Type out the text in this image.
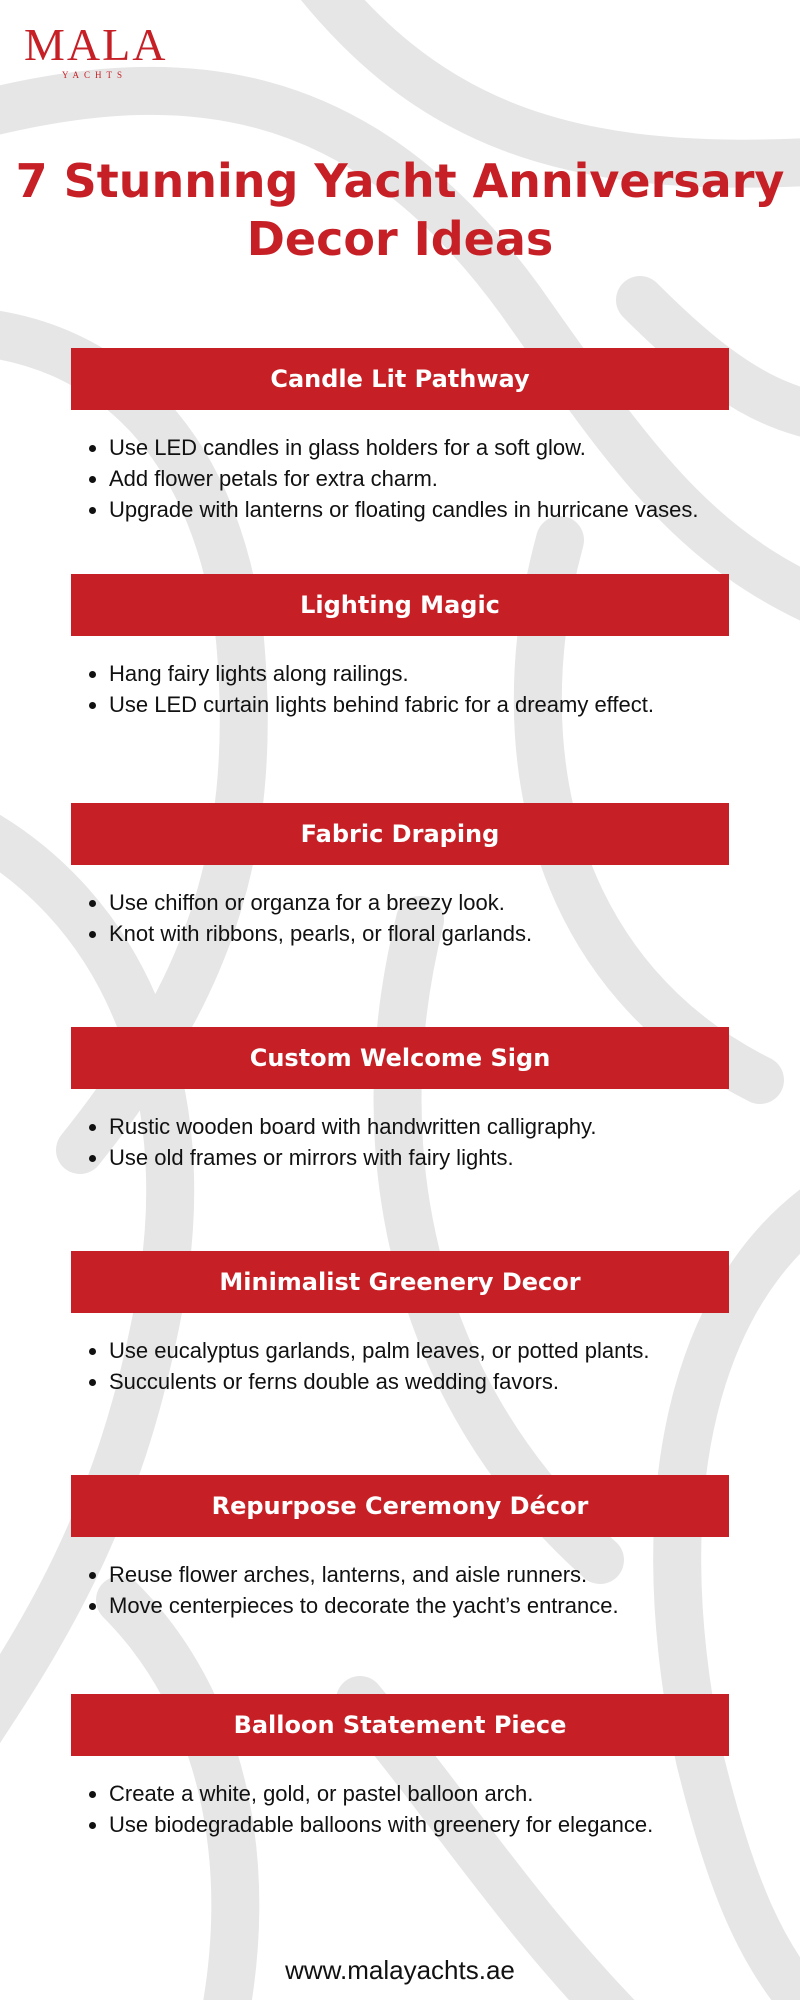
MALA
YACHTS
7 Stunning Yacht Anniversary
Decor Ideas
Candle Lit Pathway
Use LED candles in glass holders for a soft glow.
Add flower petals for extra charm.
Upgrade with lanterns or floating candles in hurricane vases.
Lighting Magic
Hang fairy lights along railings.
Use LED curtain lights behind fabric for a dreamy effect.
Fabric Draping
Use chiffon or organza for a breezy look.
Knot with ribbons, pearls, or floral garlands.
Custom Welcome Sign
Rustic wooden board with handwritten calligraphy.
Use old frames or mirrors with fairy lights.
Minimalist Greenery Decor
Use eucalyptus garlands, palm leaves, or potted plants.
Succulents or ferns double as wedding favors.
Repurpose Ceremony Décor
Reuse flower arches, lanterns, and aisle runners.
Move centerpieces to decorate the yacht’s entrance.
Balloon Statement Piece
Create a white, gold, or pastel balloon arch.
Use biodegradable balloons with greenery for elegance.
www.malayachts.ae
